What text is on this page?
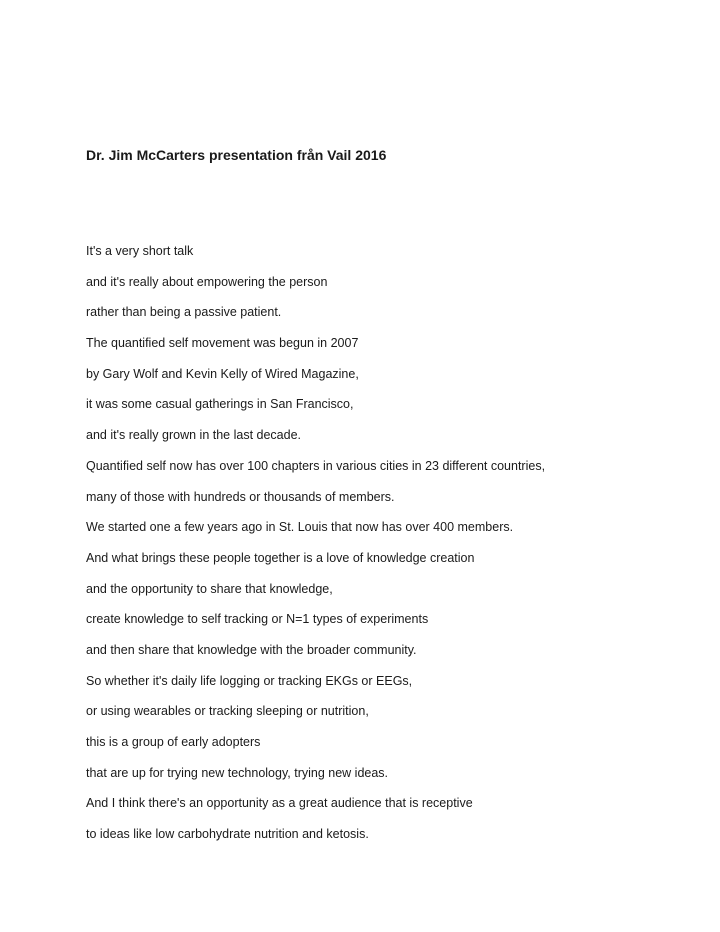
Dr. Jim McCarters presentation från Vail 2016
It's a very short talk
and it's really about empowering the person
rather than being a passive patient.
The quantified self movement was begun in 2007
by Gary Wolf and Kevin Kelly of Wired Magazine,
it was some casual gatherings in San Francisco,
and it's really grown in the last decade.
Quantified self now has over 100 chapters in various cities in 23 different countries,
many of those with hundreds or thousands of members.
We started one a few years ago in St. Louis that now has over 400 members.
And what brings these people together is a love of knowledge creation
and the opportunity to share that knowledge,
create knowledge to self tracking or N=1 types of experiments
and then share that knowledge with the broader community.
So whether it's daily life logging or tracking EKGs or EEGs,
or using wearables or tracking sleeping or nutrition,
this is a group of early adopters
that are up for trying new technology, trying new ideas.
And I think there's an opportunity as a great audience that is receptive
to ideas like low carbohydrate nutrition and ketosis.
